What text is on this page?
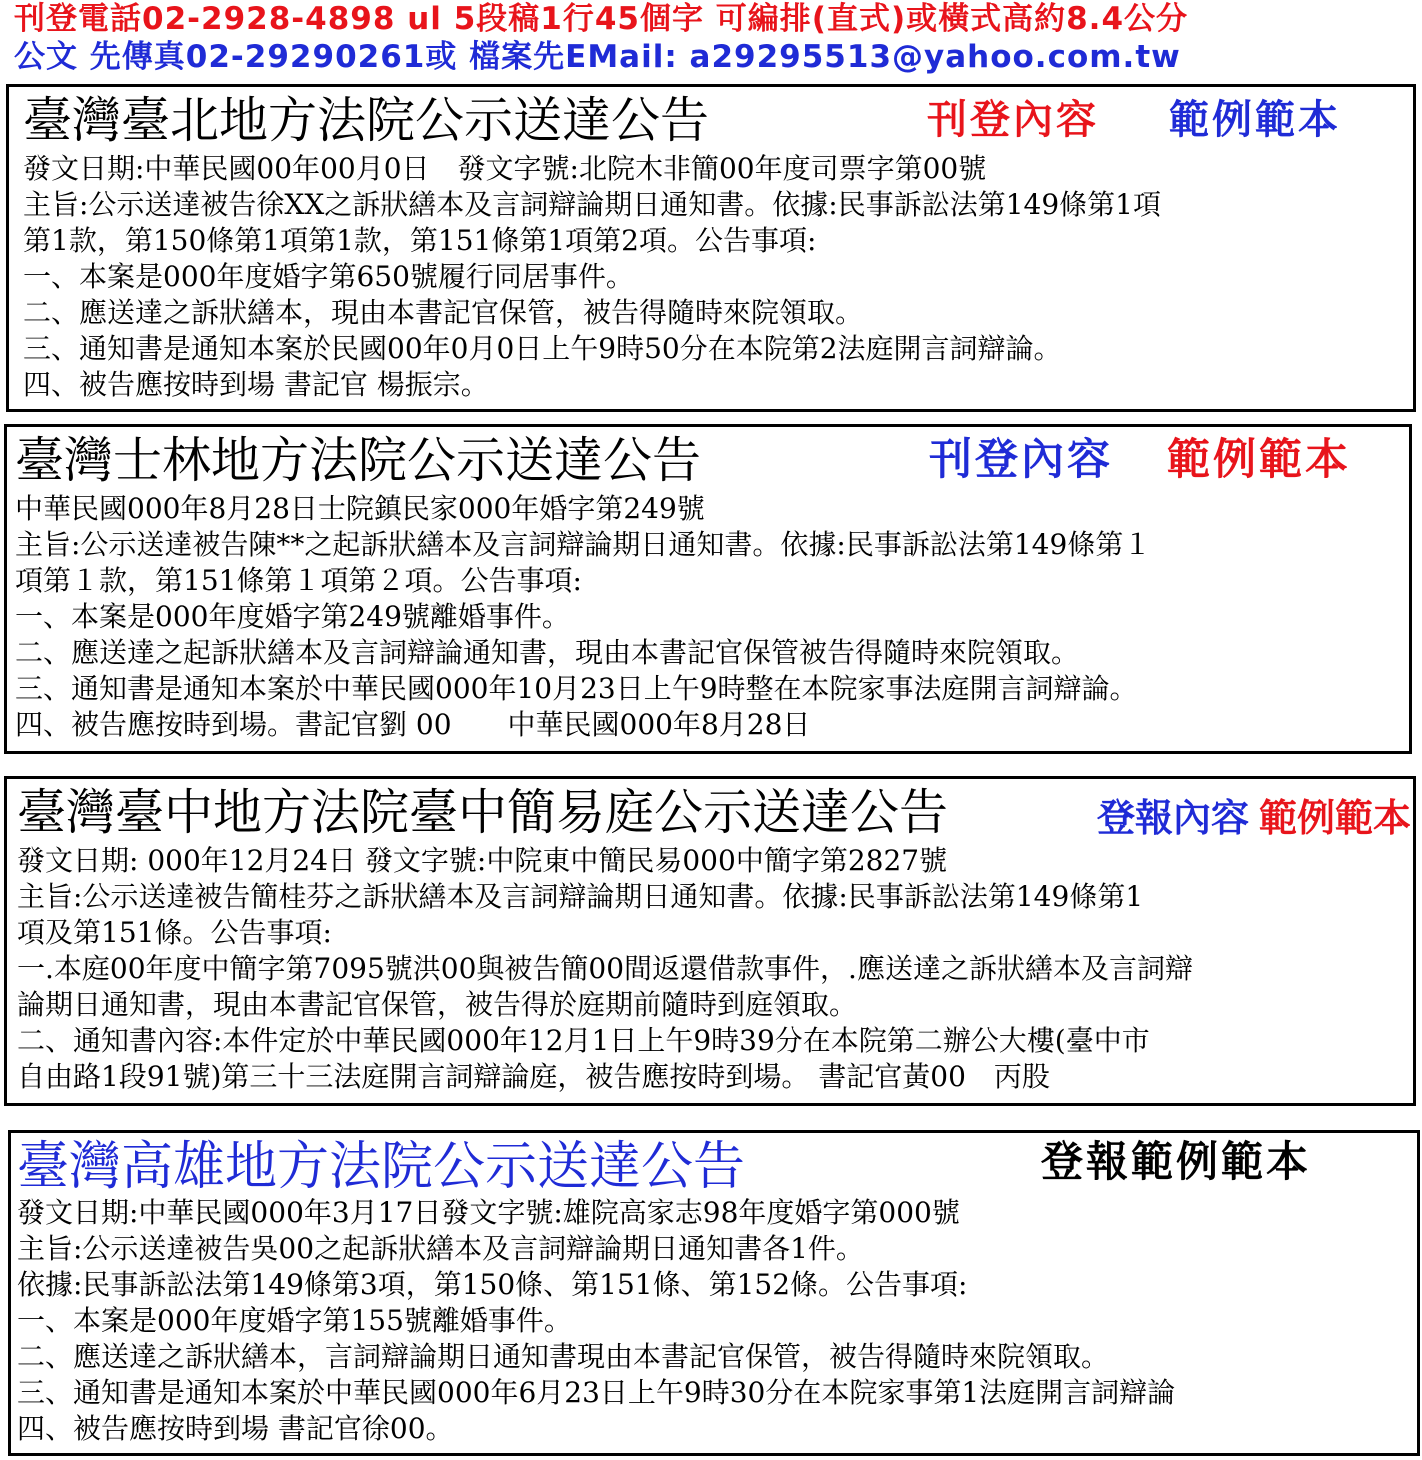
刊登電話02-2928-4898 ul 5段稿1行45個字 可編排(直式)或橫式高約8.4公分
公文 先傳真02-29290261或 檔案先EMail: a29295513@yahoo.com.tw
臺灣臺北地方法院公示送達公告	刊登內容 範例範本
發文日期:中華民國00年00月0日　發文字號:北院木非簡00年度司票字第00號
主旨:公示送達被告徐XX之訴狀繕本及言詞辯論期日通知書。依據:民事訴訟法第149條第1項
第1款，第150條第1項第1款，第151條第1項第2項。公告事項:
一、本案是000年度婚字第650號履行同居事件。
二、應送達之訴狀繕本，現由本書記官保管，被告得隨時來院領取。
三、通知書是通知本案於民國00年0月0日上午9時50分在本院第2法庭開言詞辯論。
四、被告應按時到場 書記官 楊振宗。
臺灣士林地方法院公示送達公告	刊登內容 範例範本
中華民國000年8月28日士院鎮民家000年婚字第249號
主旨:公示送達被告陳**之起訴狀繕本及言詞辯論期日通知書。依據:民事訴訟法第149條第１
項第１款，第151條第１項第２項。公告事項:
一、本案是000年度婚字第249號離婚事件。
二、應送達之起訴狀繕本及言詞辯論通知書，現由本書記官保管被告得隨時來院領取。
三、通知書是通知本案於中華民國000年10月23日上午9時整在本院家事法庭開言詞辯論。
四、被告應按時到場。書記官劉 00　　中華民國000年8月28日
臺灣臺中地方法院臺中簡易庭公示送達公告	登報內容 範例範本
發文日期: 000年12月24日 發文字號:中院東中簡民易000中簡字第2827號
主旨:公示送達被告簡桂芬之訴狀繕本及言詞辯論期日通知書。依據:民事訴訟法第149條第1
項及第151條。公告事項:
一.本庭00年度中簡字第7095號洪00與被告簡00間返還借款事件，.應送達之訴狀繕本及言詞辯
論期日通知書，現由本書記官保管，被告得於庭期前隨時到庭領取。
二、通知書內容:本件定於中華民國000年12月1日上午9時39分在本院第二辦公大樓(臺中市
自由路1段91號)第三十三法庭開言詞辯論庭，被告應按時到場。 書記官黃00　丙股
臺灣高雄地方法院公示送達公告	登報範例範本
發文日期:中華民國000年3月17日發文字號:雄院高家志98年度婚字第000號
主旨:公示送達被告吳00之起訴狀繕本及言詞辯論期日通知書各1件。
依據:民事訴訟法第149條第3項，第150條、第151條、第152條。公告事項:
一、本案是000年度婚字第155號離婚事件。
二、應送達之訴狀繕本，言詞辯論期日通知書現由本書記官保管，被告得隨時來院領取。
三、通知書是通知本案於中華民國000年6月23日上午9時30分在本院家事第1法庭開言詞辯論
四、被告應按時到場 書記官徐00。
